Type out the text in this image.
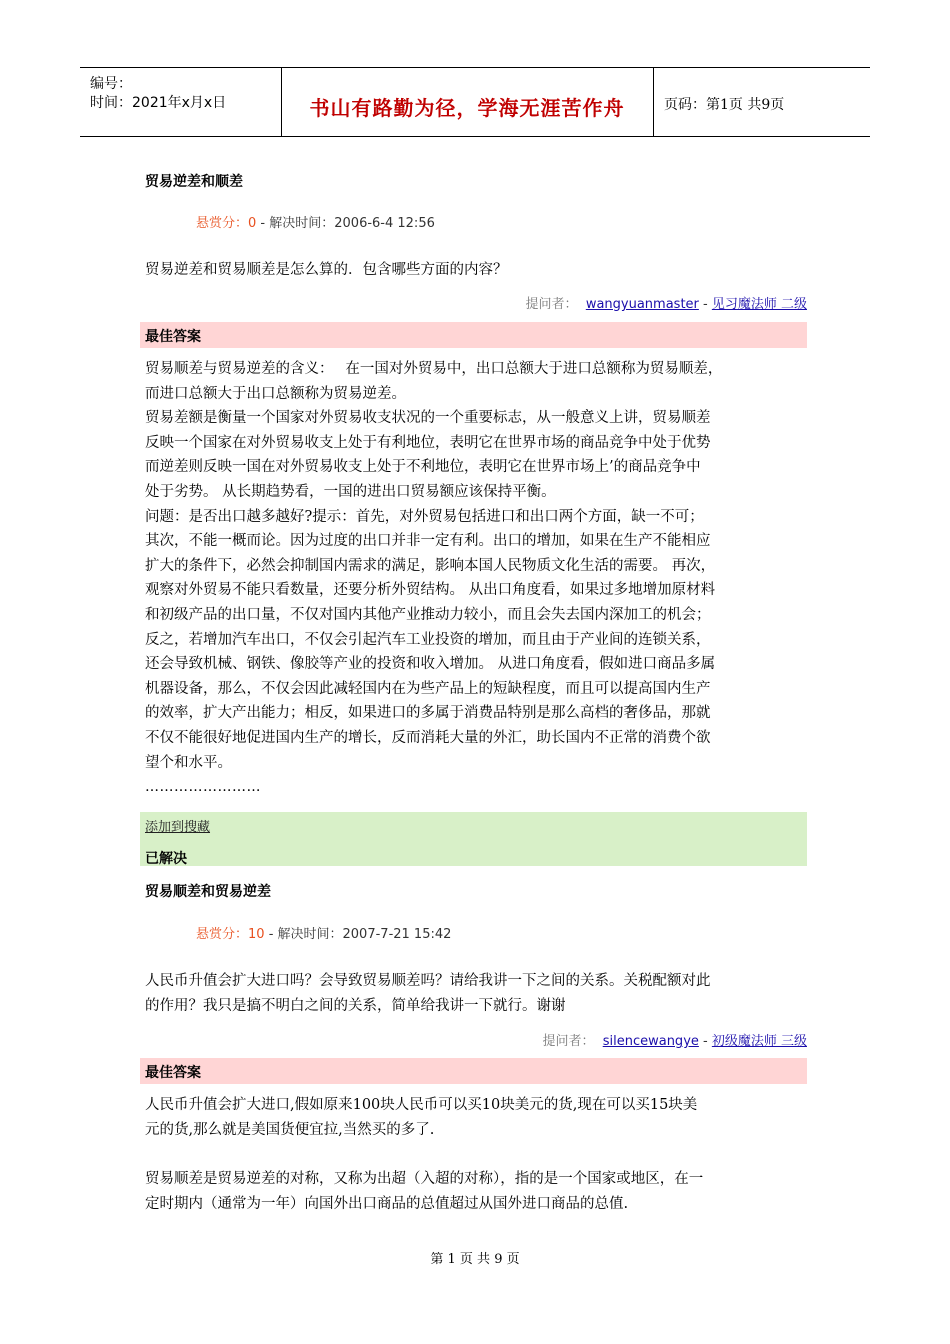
编号：
时间：2021年x月x日	书山有路勤为径，学海无涯苦作舟	页码：第1页 共9页
贸易逆差和顺差
悬赏分：0 - 解决时间：2006-6-4 12:56
贸易逆差和贸易顺差是怎么算的．包含哪些方面的内容？
提问者： wangyuanmaster - 见习魔法师 二级
最佳答案
贸易顺差与贸易逆差的含义：　 在一国对外贸易中，出口总额大于进口总额称为贸易顺差，
而进口总额大于出口总额称为贸易逆差。
贸易差额是衡量一个国家对外贸易收支状况的一个重要标志，从一般意义上讲，贸易顺差
反映一个国家在对外贸易收支上处于有利地位，表明它在世界市场的商品竞争中处于优势
而逆差则反映一国在对外贸易收支上处于不利地位，表明它在世界市场上’的商品竞争中
处于劣势。 从长期趋势看，一国的进出口贸易额应该保持平衡。
问题：是否出口越多越好?提示：首先，对外贸易包括进口和出口两个方面，缺一不可；
其次，不能一概而论。因为过度的出口并非一定有利。出口的增加，如果在生产不能相应
扩大的条件下，必然会抑制国内需求的满足，影响本国人民物质文化生活的需要。 再次，
观察对外贸易不能只看数量，还要分析外贸结构。 从出口角度看，如果过多地增加原材料
和初级产品的出口量，不仅对国内其他产业推动力较小，而且会失去国内深加工的机会；
反之，若增加汽车出口，不仅会引起汽车工业投资的增加，而且由于产业间的连锁关系，
还会导致机械、钢铁、像胶等产业的投资和收入增加。 从进口角度看，假如进口商品多属
机器设备，那么，不仅会因此减轻国内在为些产品上的短缺程度，而且可以提高国内生产
的效率，扩大产出能力；相反，如果进口的多属于消费品特别是那么高档的奢侈品，那就
不仅不能很好地促进国内生产的增长，反而消耗大量的外汇，助长国内不正常的消费个欲
望个和水平。
……………………
添加到搜藏
已解决
贸易顺差和贸易逆差
悬赏分：10 - 解决时间：2007-7-21 15:42
人民币升值会扩大进口吗？会导致贸易顺差吗？请给我讲一下之间的关系。关税配额对此
的作用？我只是搞不明白之间的关系，简单给我讲一下就行。谢谢
提问者： silencewangye - 初级魔法师 三级
最佳答案
人民币升值会扩大进口,假如原来100块人民币可以买10块美元的货,现在可以买15块美
元的货,那么就是美国货便宜拉,当然买的多了.
贸易顺差是贸易逆差的对称，又称为出超（入超的对称），指的是一个国家或地区，在一
定时期内（通常为一年）向国外出口商品的总值超过从国外进口商品的总值.
第 1 页 共 9 页
